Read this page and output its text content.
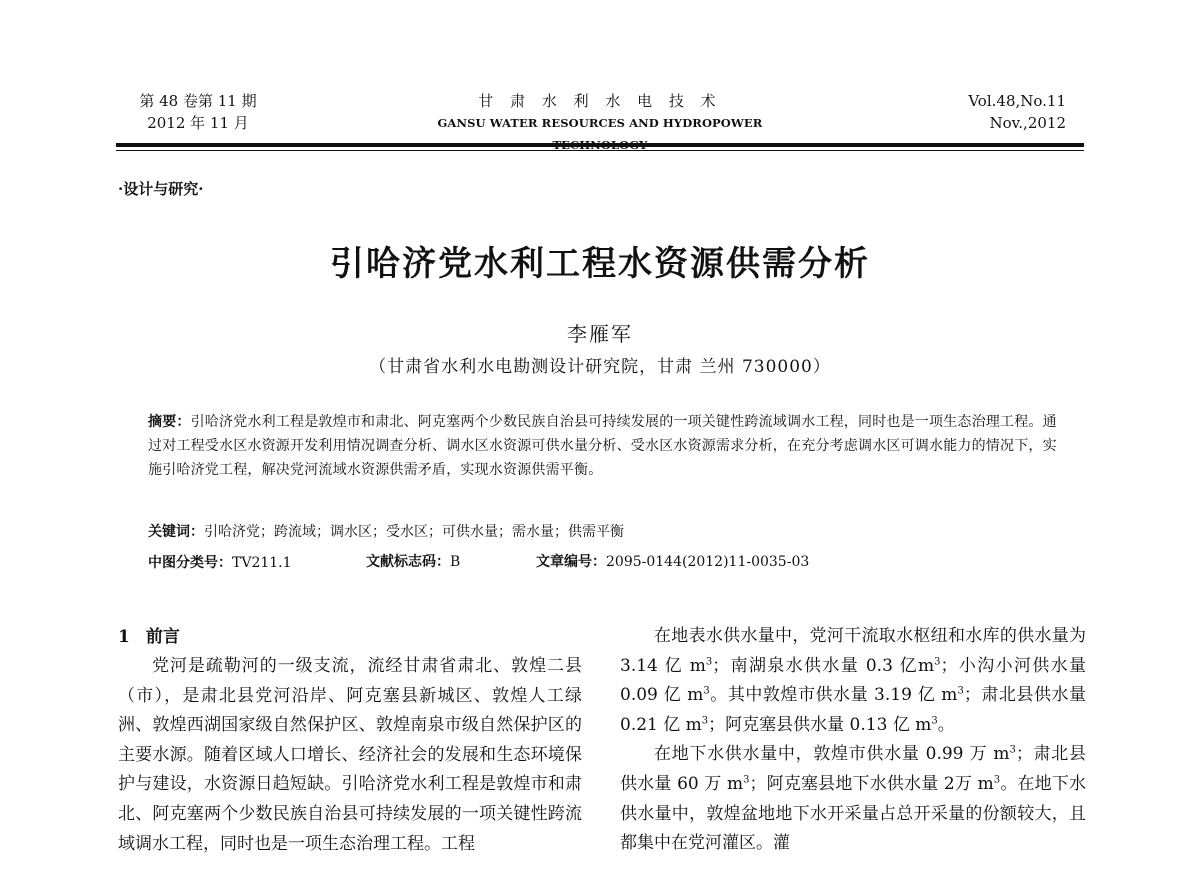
第 48 卷第 11 期
2012 年 11 月
甘 肃 水 利 水 电 技 术
GANSU WATER RESOURCES AND HYDROPOWER
Vol.48,No.11
Nov.,2012
·设计与研究·
引哈济党水利工程水资源供需分析
李雁军
（甘肃省水利水电勘测设计研究院，甘肃 兰州 730000）
摘要：引哈济党水利工程是敦煌市和肃北、阿克塞两个少数民族自治县可持续发展的一项关键性跨流域调水工程，同时也是一项生态治理工程。通过对工程受水区水资源开发利用情况调查分析、调水区水资源可供水量分析、受水区水资源需求分析，在充分考虑调水区可调水能力的情况下，实施引哈济党工程，解决党河流域水资源供需矛盾，实现水资源供需平衡。
关键词：引哈济党；跨流域；调水区；受水区；可供水量；需水量；供需平衡
中图分类号：TV211.1	文献标志码：B	文章编号：2095-0144(2012)11-0035-03
1 前言

党河是疏勒河的一级支流，流经甘肃省肃北、敦煌二县（市），是肃北县党河沿岸、阿克塞县新城区、敦煌人工绿洲、敦煌西湖国家级自然保护区、敦煌南泉市级自然保护区的主要水源。随着区域人口增长、经济社会的发展和生态环境保护与建设，水资源日趋短缺。引哈济党水利工程是敦煌市和肃北、阿克塞两个少数民族自治县可持续发展的一项关键性跨流域调水工程，同时也是一项生态治理工程。工程

在地表水供水量中，党河干流取水枢纽和水库的供水量为 3.14 亿 $m^3$；南湖泉水供水量 0.3 亿$m^3$；小沟小河供水量 0.09 亿 $m^3$。其中敦煌市供水量 3.19 亿 $m^3$；肃北县供水量 0.21 亿 $m^3$；阿克塞县供水量 0.13 亿 $m^3$。

在地下水供水量中，敦煌市供水量 0.99 万 $m^3$；肃北县供水量 60 万 $m^3$；阿克塞县地下水供水量 2万 $m^3$。在地下水供水量中，敦煌盆地地下水开采量占总开采量的份额较大，且都集中在党河灌区。灌
